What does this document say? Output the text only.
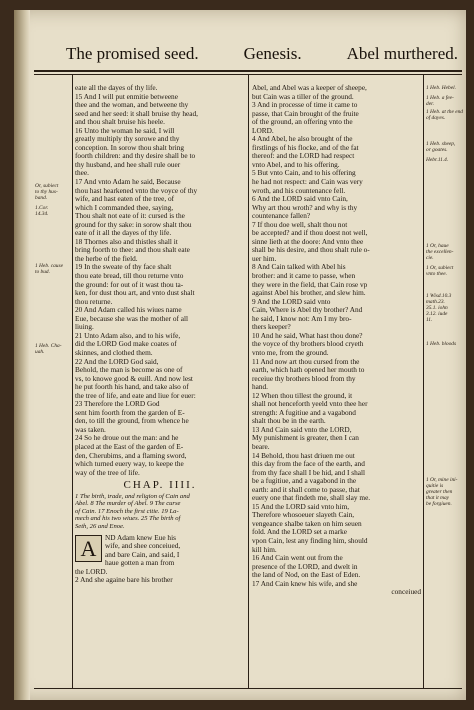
The promised seed.	Genesis.	Abel murthered.
Or, subiect
to thy hus-
band.
1.Cor.
14.34.
1 Heb. cause
to bud.
1 Heb. Cha-
uah.

eate all the dayes of thy life.

15 And I will put enmitie betweene

thee and the woman, and betweene thy

seed and her seed: it shall bruise thy head,

and thou shalt bruise his heele.

16 Unto the woman he said, I will

greatly multiply thy sorowe and thy

conception. In sorow thou shalt bring

foorth children: and thy desire shall be to

thy husband, and hee shall rule ouer

thee.

17 And vnto Adam he said, Because

thou hast hearkened vnto the voyce of thy

wife, and hast eaten of the tree, of

which I commanded thee, saying,

Thou shalt not eate of it: cursed is the

ground for thy sake: in sorow shalt thou

eate of it all the dayes of thy life.

18 Thornes also and thistles shall it

bring foorth to thee: and thou shalt eate

the herbe of the field.

19 In the sweate of thy face shalt

thou eate bread, till thou returne vnto

the ground: for out of it wast thou ta-

ken, for dust thou art, and vnto dust shalt

thou returne.

20 And Adam called his wiues name

Eue, because she was the mother of all

liuing.

21 Unto Adam also, and to his wife,

did the LORD God make coates of

skinnes, and clothed them.

22 And the LORD God said,

Behold, the man is become as one of

vs, to knowe good & euill. And now lest

he put foorth his hand, and take also of

the tree of life, and eate and liue for euer:

23 Therefore the LORD God

sent him foorth from the garden of E-

den, to till the ground, from whence he

was taken.

24 So he droue out the man: and he

placed at the East of the garden of E-

den, Cherubims, and a flaming sword,

which turned euery way, to keepe the

way of the tree of life.

CHAP. IIII.

1 The birth, trade, and religion of Cain and

Abel. 8 The murder of Abel. 9 The curse

of Cain. 17 Enoch the first citie. 19 La-

mech and his two wiues. 25 The birth of

Seth, 26 and Enoe.

A	ND Adam knew Eue his

wife, and shee conceiued,

and bare Cain, and said, I

haue gotten a man from

the LORD.

2 And she againe bare his brother

Abel, and Abel was a keeper of sheepe,

but Cain was a tiller of the ground.

3 And in processe of time it came to

passe, that Cain brought of the fruite

of the ground, an offering vnto the

LORD.

4 And Abel, he also brought of the

firstlings of his flocke, and of the fat

thereof: and the LORD had respect

vnto Abel, and to his offering.

5 But vnto Cain, and to his offering

he had not respect: and Cain was very

wroth, and his countenance fell.

6 And the LORD said vnto Cain,

Why art thou wroth? and why is thy

countenance fallen?

7 If thou doe well, shalt thou not

be accepted? and if thou doest not well,

sinne lieth at the doore: And vnto thee

shall be his desire, and thou shalt rule o-

uer him.

8 And Cain talked with Abel his

brother: and it came to passe, when

they were in the field, that Cain rose vp

against Abel his brother, and slew him.

9 And the LORD said vnto

Cain, Where is Abel thy brother? And

he said, I know not: Am I my bro-

thers keeper?

10 And he said, What hast thou done?

the voyce of thy brothers blood cryeth

vnto me, from the ground.

11 And now art thou cursed from the

earth, which hath opened her mouth to

receiue thy brothers blood from thy

hand.

12 When thou tillest the ground, it

shall not henceforth yeeld vnto thee her

strength: A fugitiue and a vagabond

shalt thou be in the earth.

13 And Cain said vnto the LORD,

My punishment is greater, then I can

beare.

14 Behold, thou hast driuen me out

this day from the face of the earth, and

from thy face shall I be hid, and I shall

be a fugitiue, and a vagabond in the

earth: and it shall come to passe, that

euery one that findeth me, shall slay me.

15 And the LORD said vnto him,

Therefore whosoeuer slayeth Cain,

vengeance shalbe taken on him seuen

fold. And the LORD set a marke

vpon Cain, lest any finding him, should

kill him.

16 And Cain went out from the

presence of the LORD, and dwelt in

the land of Nod, on the East of Eden.

17 And Cain knew his wife, and she

conceiued

1 Heb. Hebel.
1 Heb. a fee-
der.
1 Heb. at the end
of dayes.
1 Heb. sheep,
or goates.
Hebr.11.4.
1 Or, haue
the excellen-
cie.
1 Or, subiect
vnto thee.
1 Wisd.10.3
math.23.
35.1. iohn
3.12. iude
11.
1 Heb. bloods
1 Or, mine ini-
quitie is
greater then
that it may
be forgiuen.
